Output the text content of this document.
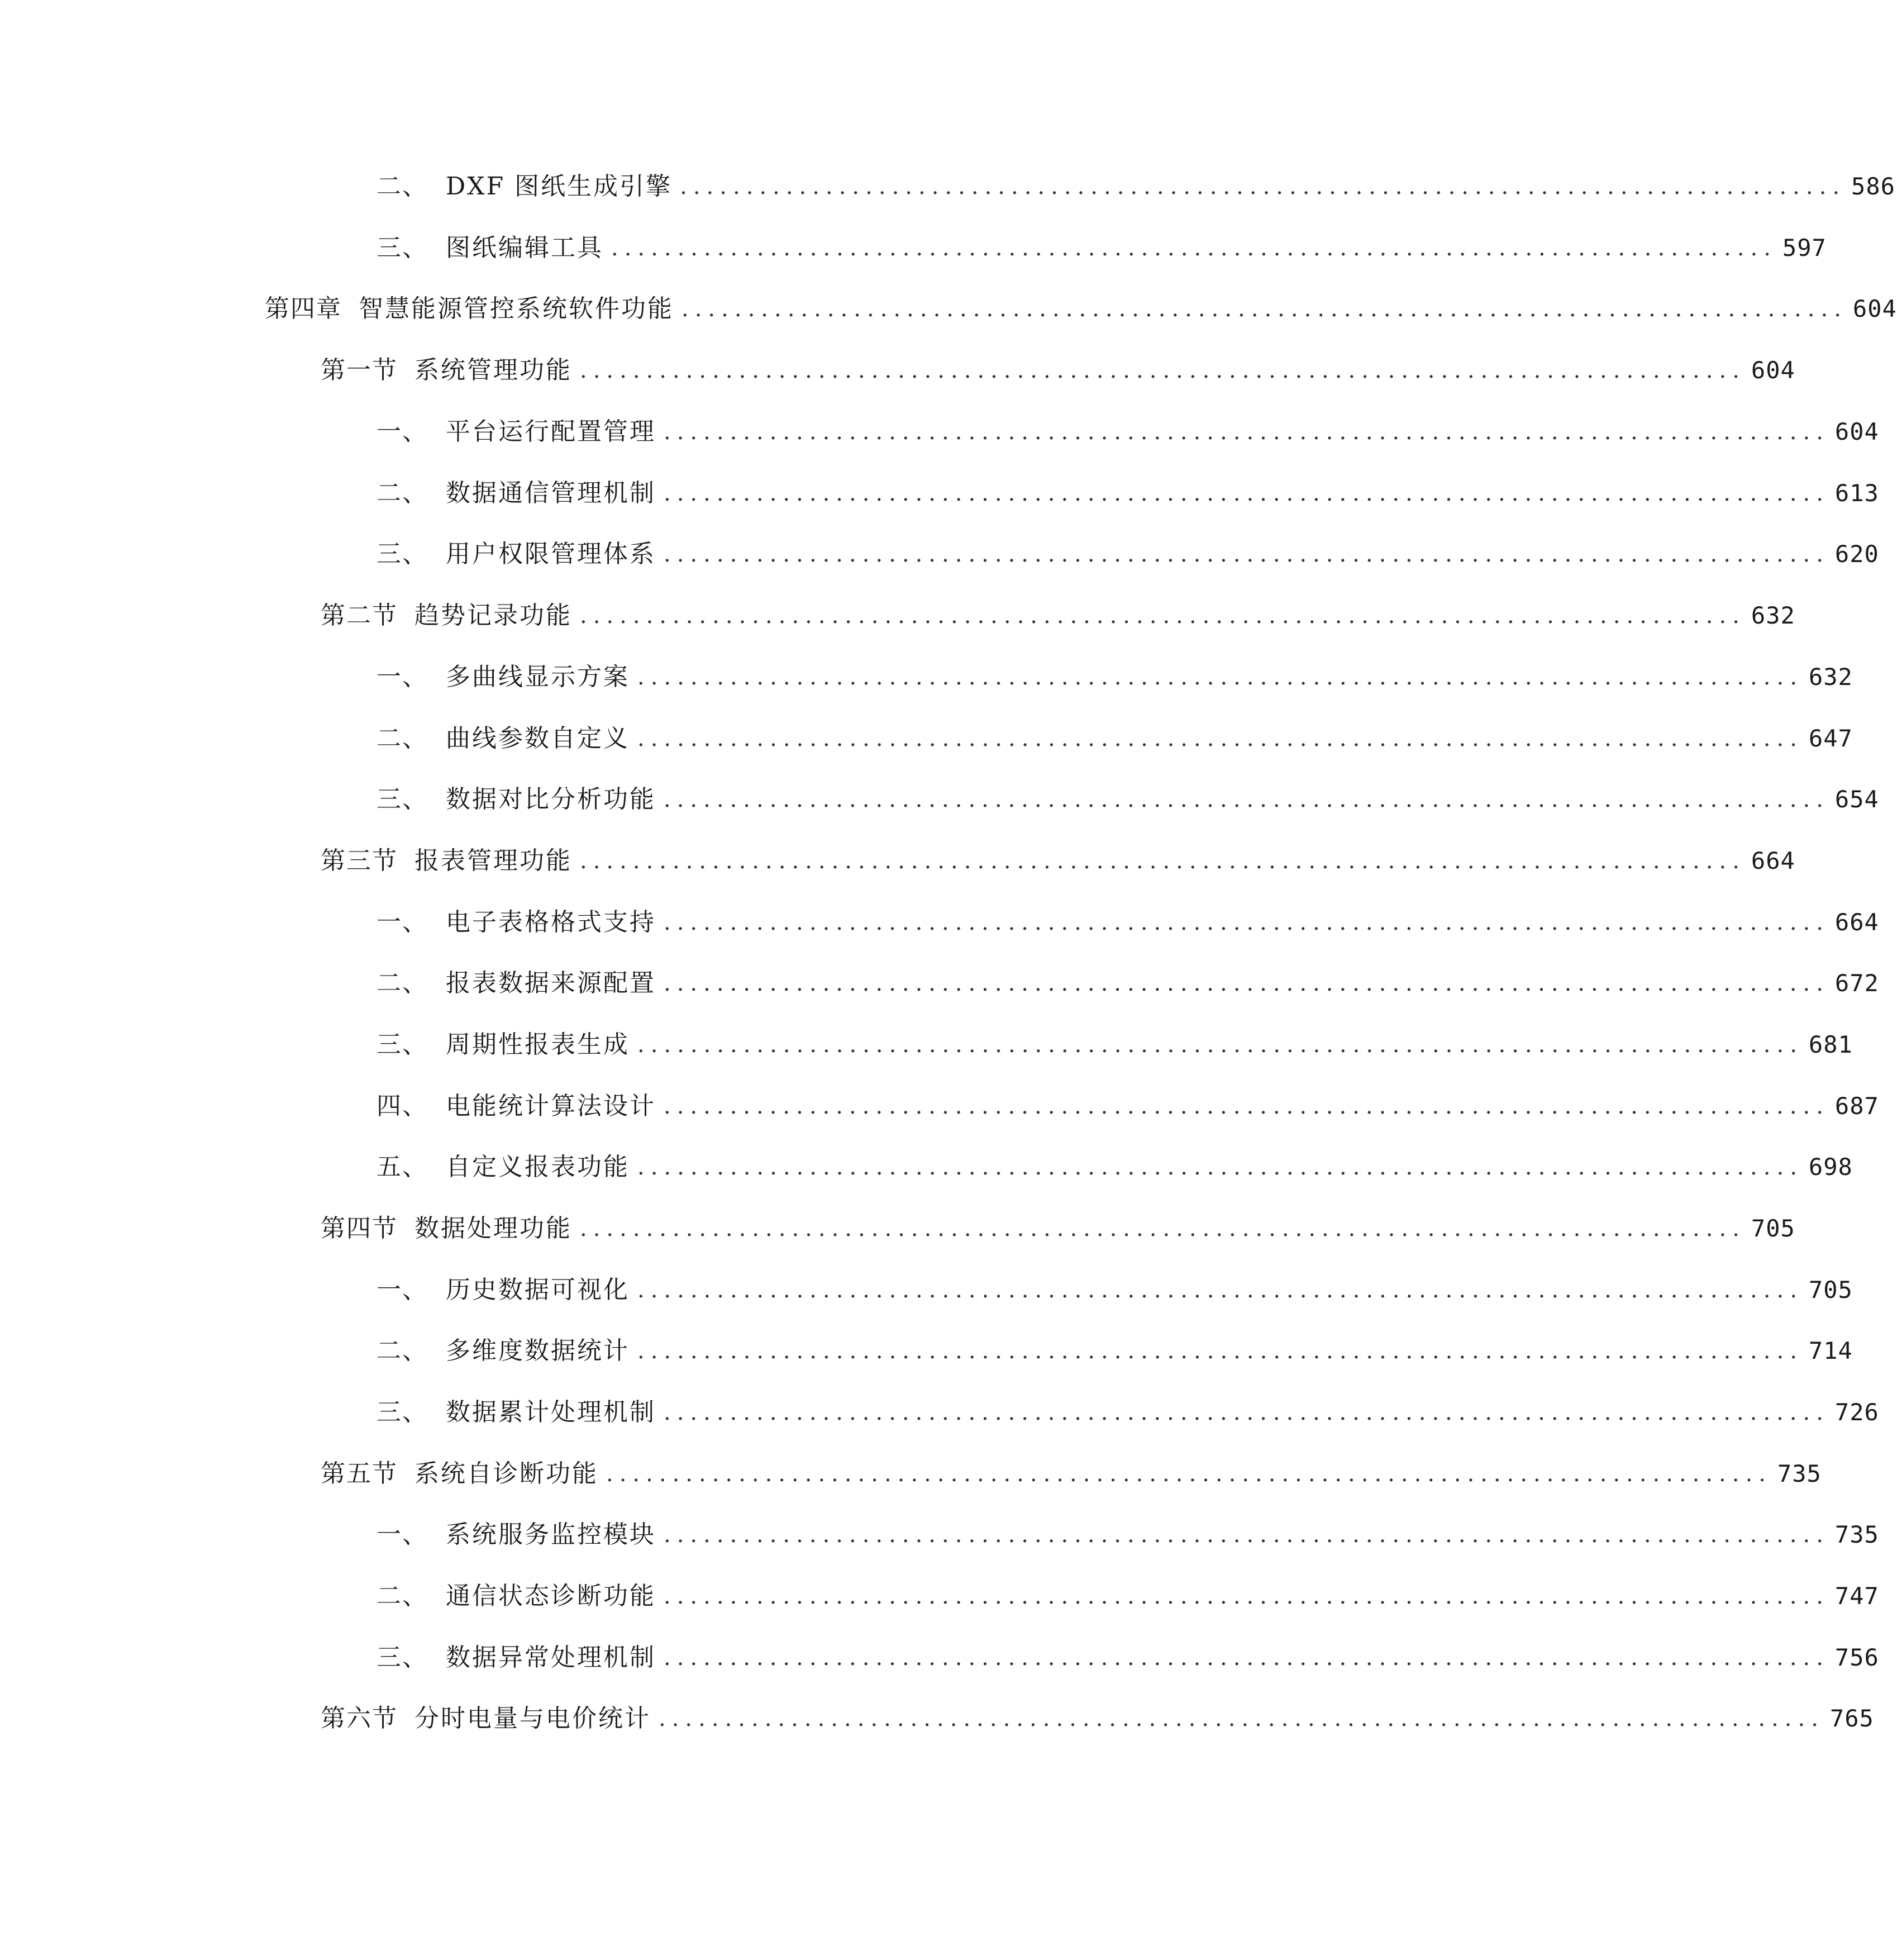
二、 DXF 图纸生成引擎 ........................................................................................ 586
三、 图纸编辑工具 ........................................................................................ 597
第四章 智慧能源管控系统软件功能 ........................................................................................ 604
第一节 系统管理功能 ........................................................................................ 604
一、 平台运行配置管理 ........................................................................................ 604
二、 数据通信管理机制 ........................................................................................ 613
三、 用户权限管理体系 ........................................................................................ 620
第二节 趋势记录功能 ........................................................................................ 632
一、 多曲线显示方案 ........................................................................................ 632
二、 曲线参数自定义 ........................................................................................ 647
三、 数据对比分析功能 ........................................................................................ 654
第三节 报表管理功能 ........................................................................................ 664
一、 电子表格格式支持 ........................................................................................ 664
二、 报表数据来源配置 ........................................................................................ 672
三、 周期性报表生成 ........................................................................................ 681
四、 电能统计算法设计 ........................................................................................ 687
五、 自定义报表功能 ........................................................................................ 698
第四节 数据处理功能 ........................................................................................ 705
一、 历史数据可视化 ........................................................................................ 705
二、 多维度数据统计 ........................................................................................ 714
三、 数据累计处理机制 ........................................................................................ 726
第五节 系统自诊断功能 ........................................................................................ 735
一、 系统服务监控模块 ........................................................................................ 735
二、 通信状态诊断功能 ........................................................................................ 747
三、 数据异常处理机制 ........................................................................................ 756
第六节 分时电量与电价统计 ........................................................................................ 765
